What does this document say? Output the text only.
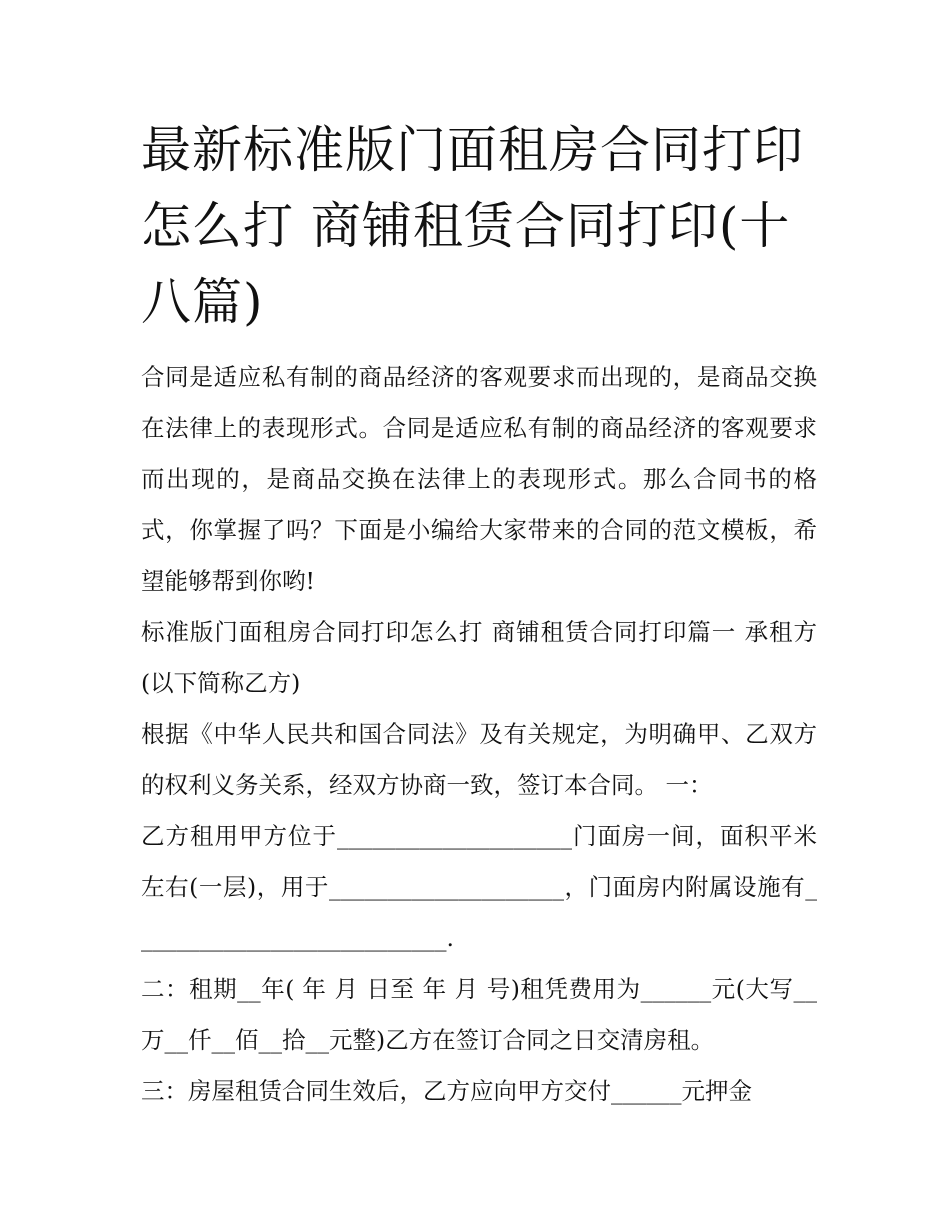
最新标准版门面租房合同打印怎么打 商铺租赁合同打印(十八篇)

合同是适应私有制的商品经济的客观要求而出现的，是商品交换在法律上的表现形式。合同是适应私有制的商品经济的客观要求而出现的，是商品交换在法律上的表现形式。那么合同书的格式，你掌握了吗？下面是小编给大家带来的合同的范文模板，希望能够帮到你哟!

标准版门面租房合同打印怎么打 商铺租赁合同打印篇一 承租方(以下简称乙方)

根据《中华人民共和国合同法》及有关规定，为明确甲、乙双方的权利义务关系，经双方协商一致，签订本合同。 一：

乙方租用甲方位于____________________门面房一间，面积平米左右(一层)，用于____________________，门面房内附属设施有___________________________.

二：租期__年( 年 月 日至 年 月 号)租凭费用为______元(大写__万__仟__佰__拾__元整)乙方在签订合同之日交清房租。

三：房屋租赁合同生效后，乙方应向甲方交付______元押金
